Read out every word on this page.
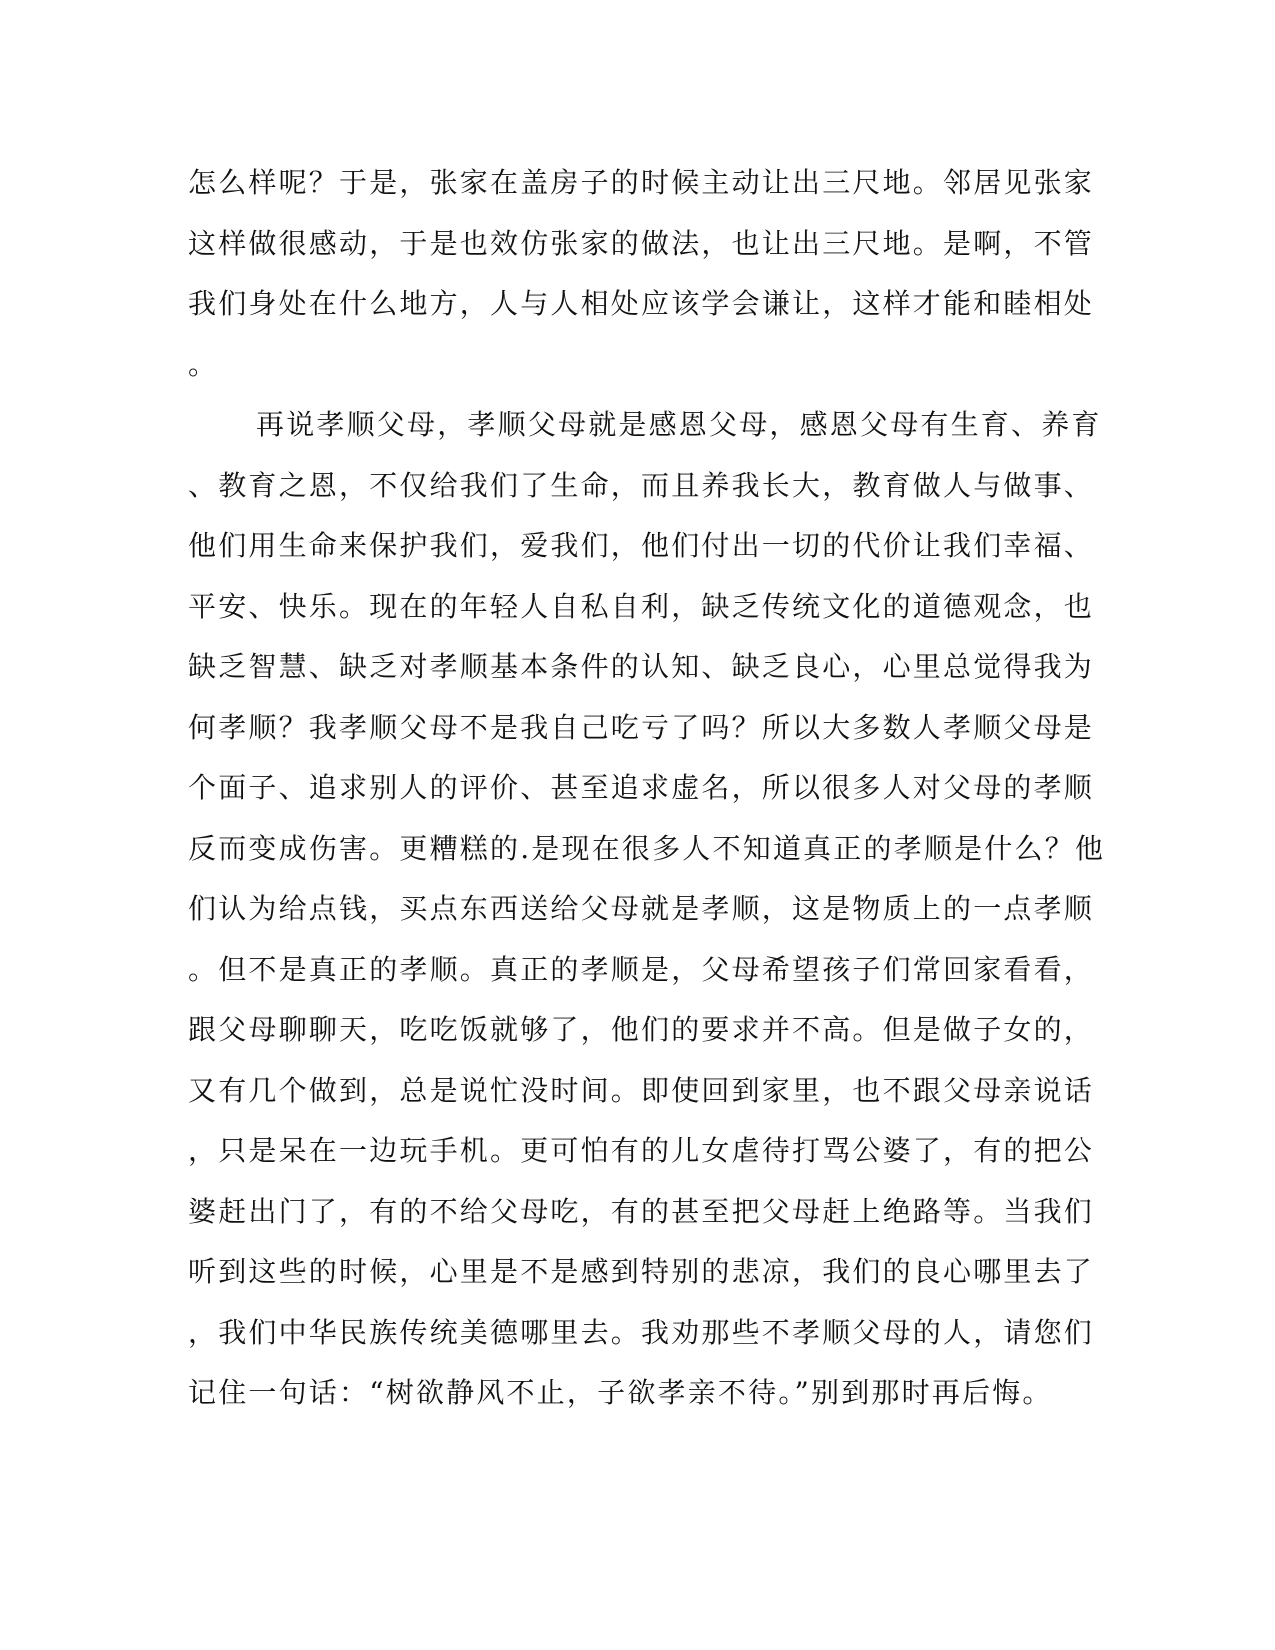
怎么样呢？于是，张家在盖房子的时候主动让出三尺地。邻居见张家
这样做很感动，于是也效仿张家的做法，也让出三尺地。是啊，不管
我们身处在什么地方，人与人相处应该学会谦让，这样才能和睦相处
。
再说孝顺父母，孝顺父母就是感恩父母，感恩父母有生育、养育
、教育之恩，不仅给我们了生命，而且养我长大，教育做人与做事、
他们用生命来保护我们，爱我们，他们付出一切的代价让我们幸福、
平安、快乐。现在的年轻人自私自利，缺乏传统文化的道德观念，也
缺乏智慧、缺乏对孝顺基本条件的认知、缺乏良心，心里总觉得我为
何孝顺？我孝顺父母不是我自己吃亏了吗？所以大多数人孝顺父母是
个面子、追求别人的评价、甚至追求虚名，所以很多人对父母的孝顺
反而变成伤害。更糟糕的.是现在很多人不知道真正的孝顺是什么？他
们认为给点钱，买点东西送给父母就是孝顺，这是物质上的一点孝顺
。但不是真正的孝顺。真正的孝顺是，父母希望孩子们常回家看看，
跟父母聊聊天，吃吃饭就够了，他们的要求并不高。但是做子女的，
又有几个做到，总是说忙没时间。即使回到家里，也不跟父母亲说话
，只是呆在一边玩手机。更可怕有的儿女虐待打骂公婆了，有的把公
婆赶出门了，有的不给父母吃，有的甚至把父母赶上绝路等。当我们
听到这些的时候，心里是不是感到特别的悲凉，我们的良心哪里去了
，我们中华民族传统美德哪里去。我劝那些不孝顺父母的人，请您们
记住一句话：“树欲静风不止，子欲孝亲不待。”别到那时再后悔。
